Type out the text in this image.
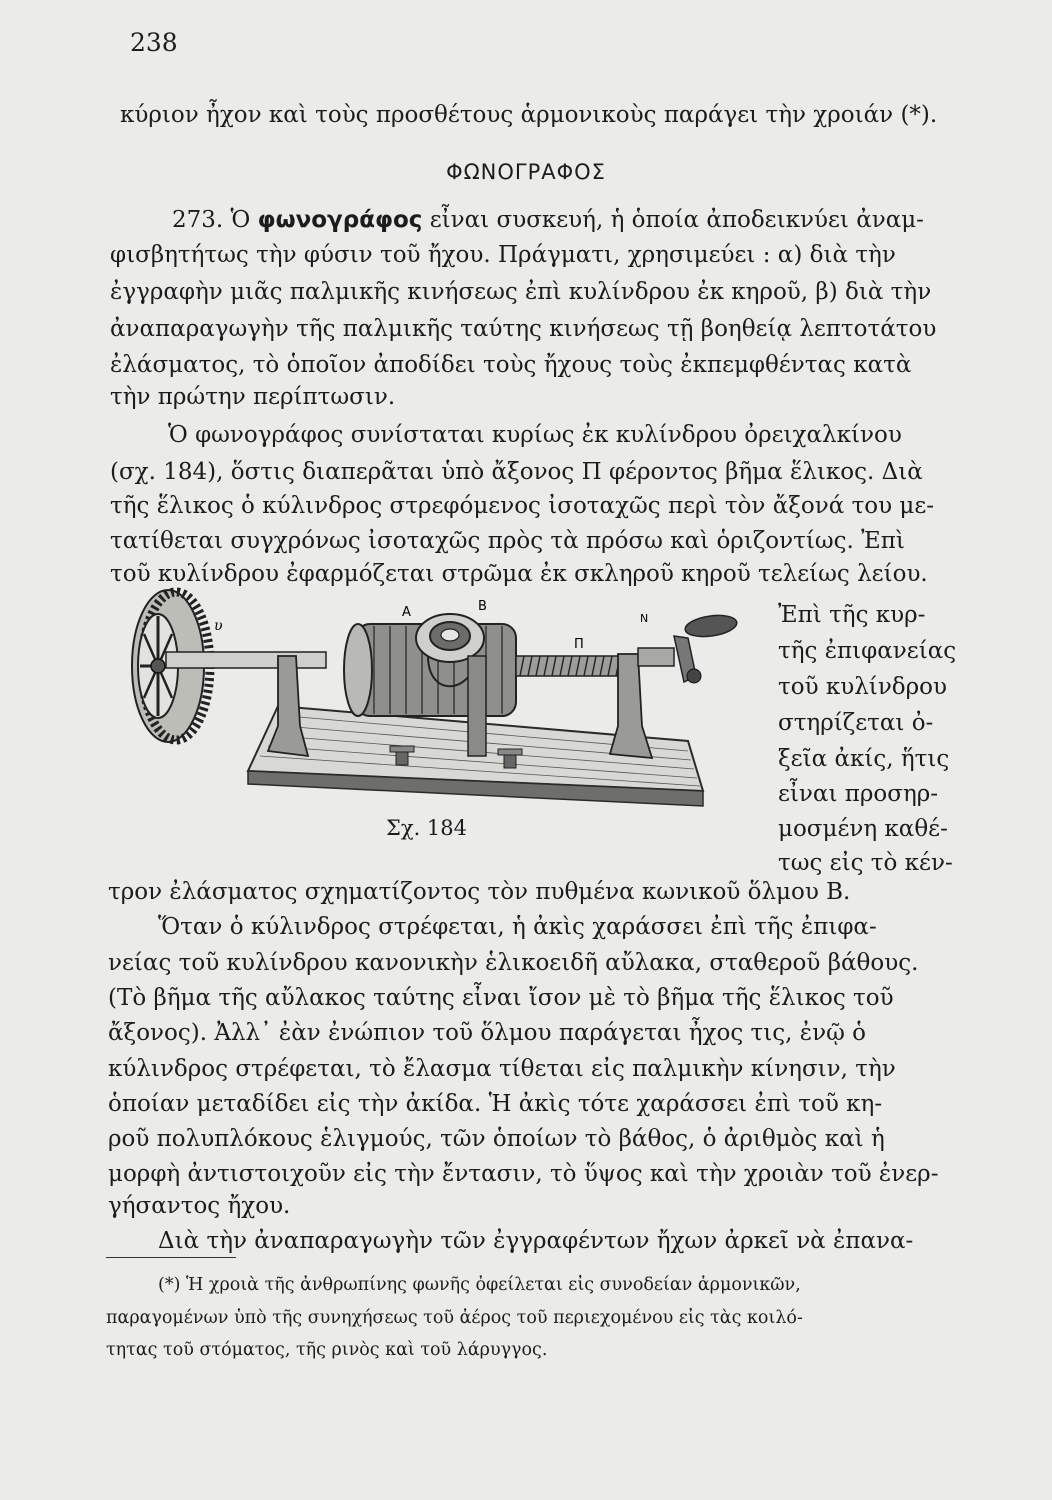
238
κύριον ἦχον καὶ τοὺς προσθέτους ἁρμονικοὺς παράγει τὴν χροιάν (*).
ΦΩΝΟΓΡΑΦΟΣ
273. Ὁ φωνογράφος εἶναι συσκευή, ἡ ὁποία ἀποδεικνύει ἀναμ-
φισβητήτως τὴν φύσιν τοῦ ἤχου. Πράγματι, χρησιμεύει : α) διὰ τὴν
ἐγγραφὴν μιᾶς παλμικῆς κινήσεως ἐπὶ κυλίνδρου ἐκ κηροῦ, β) διὰ τὴν
ἀναπαραγωγὴν τῆς παλμικῆς ταύτης κινήσεως τῇ βοηθείᾳ λεπτοτάτου
ἐλάσματος, τὸ ὁποῖον ἀποδίδει τοὺς ἤχους τοὺς ἐκπεμφθέντας κατὰ
τὴν πρώτην περίπτωσιν.
Ὁ φωνογράφος συνίσταται κυρίως ἐκ κυλίνδρου ὀρειχαλκίνου
(σχ. 184), ὅστις διαπερᾶται ὑπὸ ἄξονος Π φέροντος βῆμα ἕλικος. Διὰ
τῆς ἕλικος ὁ κύλινδρος στρεφόμενος ἰσοταχῶς περὶ τὸν ἄξονά του με-
τατίθεται συγχρόνως ἰσοταχῶς πρὸς τὰ πρόσω καὶ ὁριζοντίως. Ἐπὶ
τοῦ κυλίνδρου ἐφαρμόζεται στρῶμα ἐκ σκληροῦ κηροῦ τελείως λείου.
A	B
υ
Π
Ν
Σχ. 184
Ἐπὶ τῆς κυρ-
τῆς ἐπιφανείας
τοῦ κυλίνδρου
στηρίζεται ὀ-
ξεῖα ἀκίς, ἥτις
εἶναι προσηρ-
μοσμένη καθέ-
τως εἰς τὸ κέν-
τρον ἐλάσματος σχηματίζοντος τὸν πυθμένα κωνικοῦ ὅλμου Β.
Ὅταν ὁ κύλινδρος στρέφεται, ἡ ἀκὶς χαράσσει ἐπὶ τῆς ἐπιφα-
νείας τοῦ κυλίνδρου κανονικὴν ἑλικοειδῆ αὔλακα, σταθεροῦ βάθους.
(Τὸ βῆμα τῆς αὔλακος ταύτης εἶναι ἴσον μὲ τὸ βῆμα τῆς ἕλικος τοῦ
ἄξονος). Ἀλλ᾽ ἐὰν ἐνώπιον τοῦ ὅλμου παράγεται ἦχος τις, ἐνῷ ὁ
κύλινδρος στρέφεται, τὸ ἔλασμα τίθεται εἰς παλμικὴν κίνησιν, τὴν
ὁποίαν μεταδίδει εἰς τὴν ἀκίδα. Ἡ ἀκὶς τότε χαράσσει ἐπὶ τοῦ κη-
ροῦ πολυπλόκους ἑλιγμούς, τῶν ὁποίων τὸ βάθος, ὁ ἀριθμὸς καὶ ἡ
μορφὴ ἀντιστοιχοῦν εἰς τὴν ἔντασιν, τὸ ὕψος καὶ τὴν χροιὰν τοῦ ἐνερ-
γήσαντος ἤχου.
Διὰ τὴν ἀναπαραγωγὴν τῶν ἐγγραφέντων ἤχων ἀρκεῖ νὰ ἐπανα-
(*) Ἡ χροιὰ τῆς ἀνθρωπίνης φωνῆς ὀφείλεται εἰς συνοδείαν ἁρμονικῶν,
παραγομένων ὑπὸ τῆς συνηχήσεως τοῦ ἀέρος τοῦ περιεχομένου εἰς τὰς κοιλό-
τητας τοῦ στόματος, τῆς ρινὸς καὶ τοῦ λάρυγγος.
